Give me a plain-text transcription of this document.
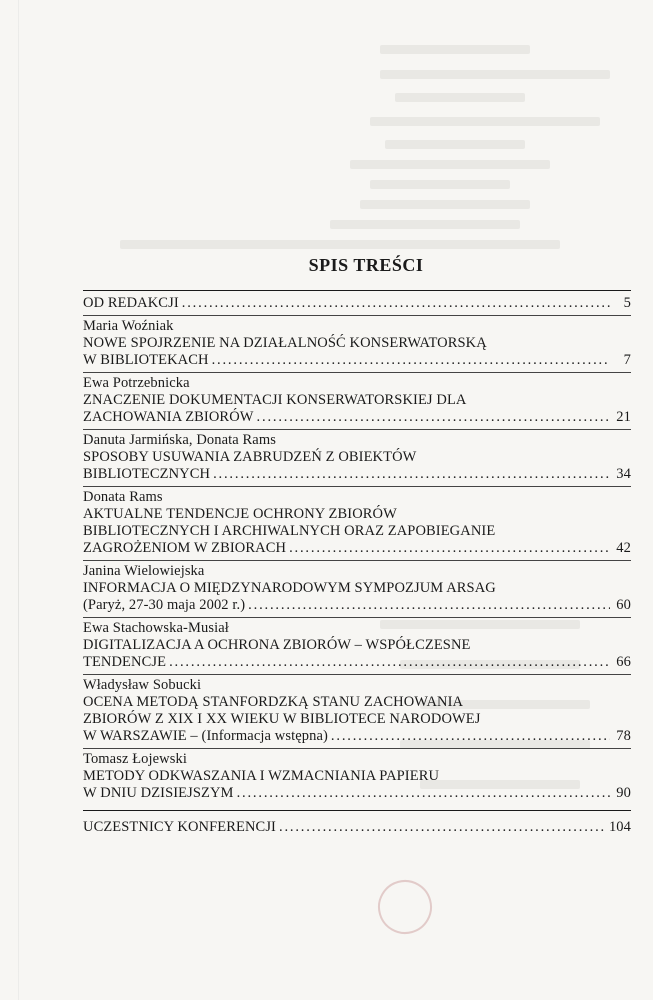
SPIS TREŚCI
OD REDAKCJI . . .	5
Maria Woźniak
NOWE SPOJRZENIE NA DZIAŁALNOŚĆ KONSERWATORSKĄ
W BIBLIOTEKACH . . .	7
Ewa Potrzebnicka
ZNACZENIE DOKUMENTACJI KONSERWATORSKIEJ DLA
ZACHOWANIA ZBIORÓW . . .	21
Danuta Jarmińska, Donata Rams
SPOSOBY USUWANIA ZABRUDZEŃ Z OBIEKTÓW
BIBLIOTECZNYCH . . .	34
Donata Rams
AKTUALNE TENDENCJE OCHRONY ZBIORÓW
BIBLIOTECZNYCH I ARCHIWALNYCH ORAZ ZAPOBIEGANIE
ZAGROŻENIOM W ZBIORACH . . .	42
Janina Wielowiejska
INFORMACJA O MIĘDZYNARODOWYM SYMPOZJUM ARSAG
(Paryż, 27-30 maja 2002 r.) . . .	60
Ewa Stachowska-Musiał
DIGITALIZACJA A OCHRONA ZBIORÓW – WSPÓŁCZESNE
TENDENCJE . . .	66
Władysław Sobucki
OCENA METODĄ STANFORDZKĄ STANU ZACHOWANIA
ZBIORÓW Z XIX I XX WIEKU W BIBLIOTECE NARODOWEJ
W WARSZAWIE – (Informacja wstępna) . . .	78
Tomasz Łojewski
METODY ODKWASZANIA I WZMACNIANIA PAPIERU
W DNIU DZISIEJSZYM . . .	90
UCZESTNICY KONFERENCJI . . .	104
